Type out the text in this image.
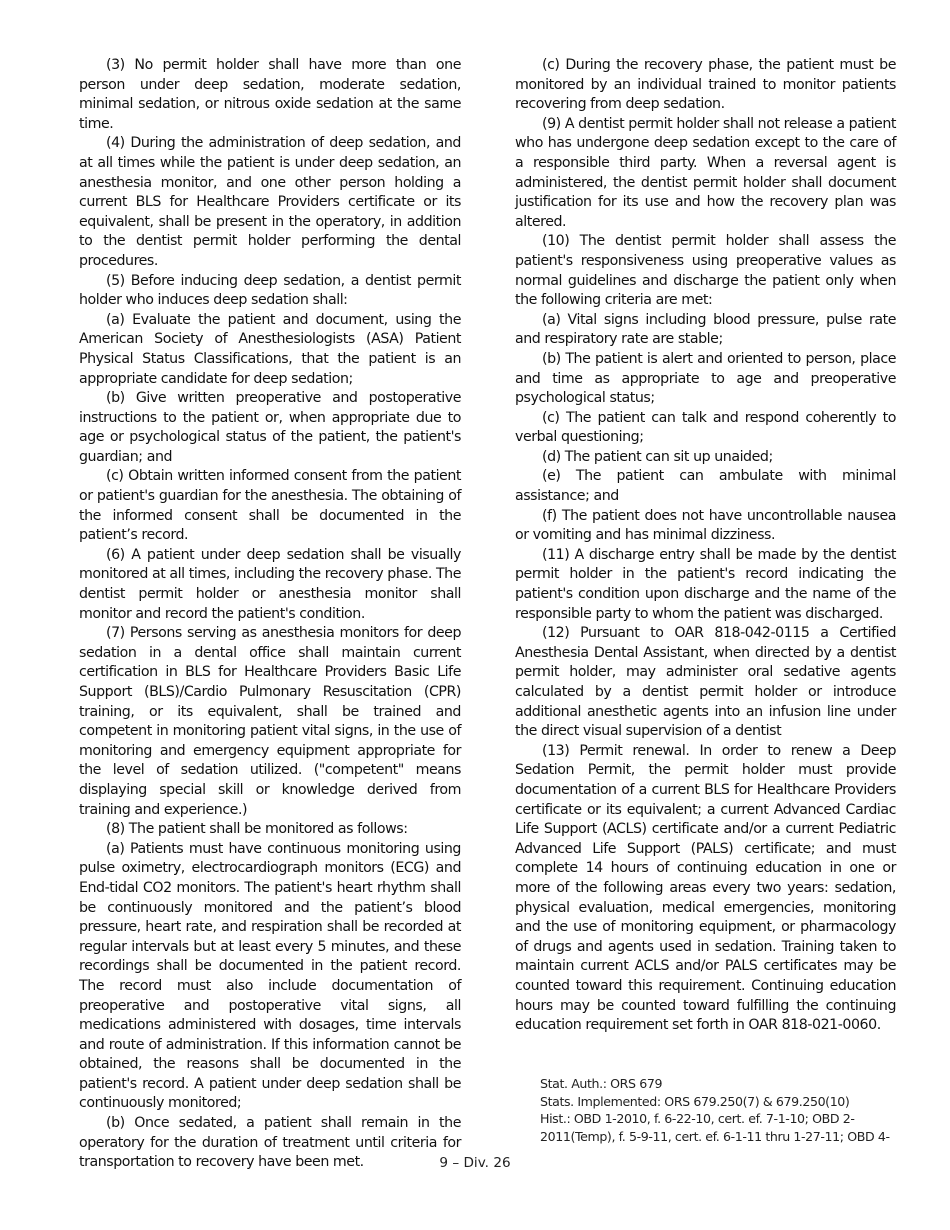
(3) No permit holder shall have more than one person under deep sedation, moderate sedation, minimal sedation, or nitrous oxide sedation at the same time.

(4) During the administration of deep sedation, and at all times while the patient is under deep sedation, an anesthesia monitor, and one other person holding a current BLS for Healthcare Providers certificate or its equivalent, shall be present in the operatory, in addition to the dentist permit holder performing the dental procedures.

(5) Before inducing deep sedation, a dentist permit holder who induces deep sedation shall:

(a) Evaluate the patient and document, using the American Society of Anesthesiologists (ASA) Patient Physical Status Classifications, that the patient is an appropriate candidate for deep sedation;

(b) Give written preoperative and postoperative instructions to the patient or, when appropriate due to age or psychological status of the patient, the patient's guardian; and

(c) Obtain written informed consent from the patient or patient's guardian for the anesthesia. The obtaining of the informed consent shall be documented in the patient’s record.

(6) A patient under deep sedation shall be visually monitored at all times, including the recovery phase. The dentist permit holder or anesthesia monitor shall monitor and record the patient's condition.

(7) Persons serving as anesthesia monitors for deep sedation in a dental office shall maintain current certification in BLS for Healthcare Providers Basic Life Support (BLS)/Cardio Pulmonary Resuscitation (CPR) training, or its equivalent, shall be trained and competent in monitoring patient vital signs, in the use of monitoring and emergency equipment appropriate for the level of sedation utilized. ("competent" means displaying special skill or knowledge derived from training and experience.)

(8) The patient shall be monitored as follows:

(a) Patients must have continuous monitoring using pulse oximetry, electrocardiograph monitors (ECG) and End-tidal CO2 monitors. The patient's heart rhythm shall be continuously monitored and the patient’s blood pressure, heart rate, and respiration shall be recorded at regular intervals but at least every 5 minutes, and these recordings shall be documented in the patient record. The record must also include documentation of preoperative and postoperative vital signs, all medications administered with dosages, time intervals and route of administration. If this information cannot be obtained, the reasons shall be documented in the patient's record. A patient under deep sedation shall be continuously monitored;

(b) Once sedated, a patient shall remain in the operatory for the duration of treatment until criteria for transportation to recovery have been met.

(c) During the recovery phase, the patient must be monitored by an individual trained to monitor patients recovering from deep sedation.

(9) A dentist permit holder shall not release a patient who has undergone deep sedation except to the care of a responsible third party. When a reversal agent is administered, the dentist permit holder shall document justification for its use and how the recovery plan was altered.

(10) The dentist permit holder shall assess the patient's responsiveness using preoperative values as normal guidelines and discharge the patient only when the following criteria are met:

(a) Vital signs including blood pressure, pulse rate and respiratory rate are stable;

(b) The patient is alert and oriented to person, place and time as appropriate to age and preoperative psychological status;

(c) The patient can talk and respond coherently to verbal questioning;

(d) The patient can sit up unaided;

(e) The patient can ambulate with minimal assistance; and

(f) The patient does not have uncontrollable nausea or vomiting and has minimal dizziness.

(11) A discharge entry shall be made by the dentist permit holder in the patient's record indicating the patient's condition upon discharge and the name of the responsible party to whom the patient was discharged.

(12) Pursuant to OAR 818-042-0115 a Certified Anesthesia Dental Assistant, when directed by a dentist permit holder, may administer oral sedative agents calculated by a dentist permit holder or introduce additional anesthetic agents into an infusion line under the direct visual supervision of a dentist

(13) Permit renewal. In order to renew a Deep Sedation Permit, the permit holder must provide documentation of a current BLS for Healthcare Providers certificate or its equivalent; a current Advanced Cardiac Life Support (ACLS) certificate and/or a current Pediatric Advanced Life Support (PALS) certificate; and must complete 14 hours of continuing education in one or more of the following areas every two years: sedation, physical evaluation, medical emergencies, monitoring and the use of monitoring equipment, or pharmacology of drugs and agents used in sedation. Training taken to maintain current ACLS and/or PALS certificates may be counted toward this requirement. Continuing education hours may be counted toward fulfilling the continuing education requirement set forth in OAR 818-021-0060.

Stat. Auth.: ORS 679
Stats. Implemented: ORS 679.250(7) & 679.250(10)
Hist.: OBD 1-2010, f. 6-22-10, cert. ef. 7-1-10; OBD 2-2011(Temp), f. 5-9-11, cert. ef. 6-1-11 thru 1-27-11; OBD 4-
9 – Div. 26
